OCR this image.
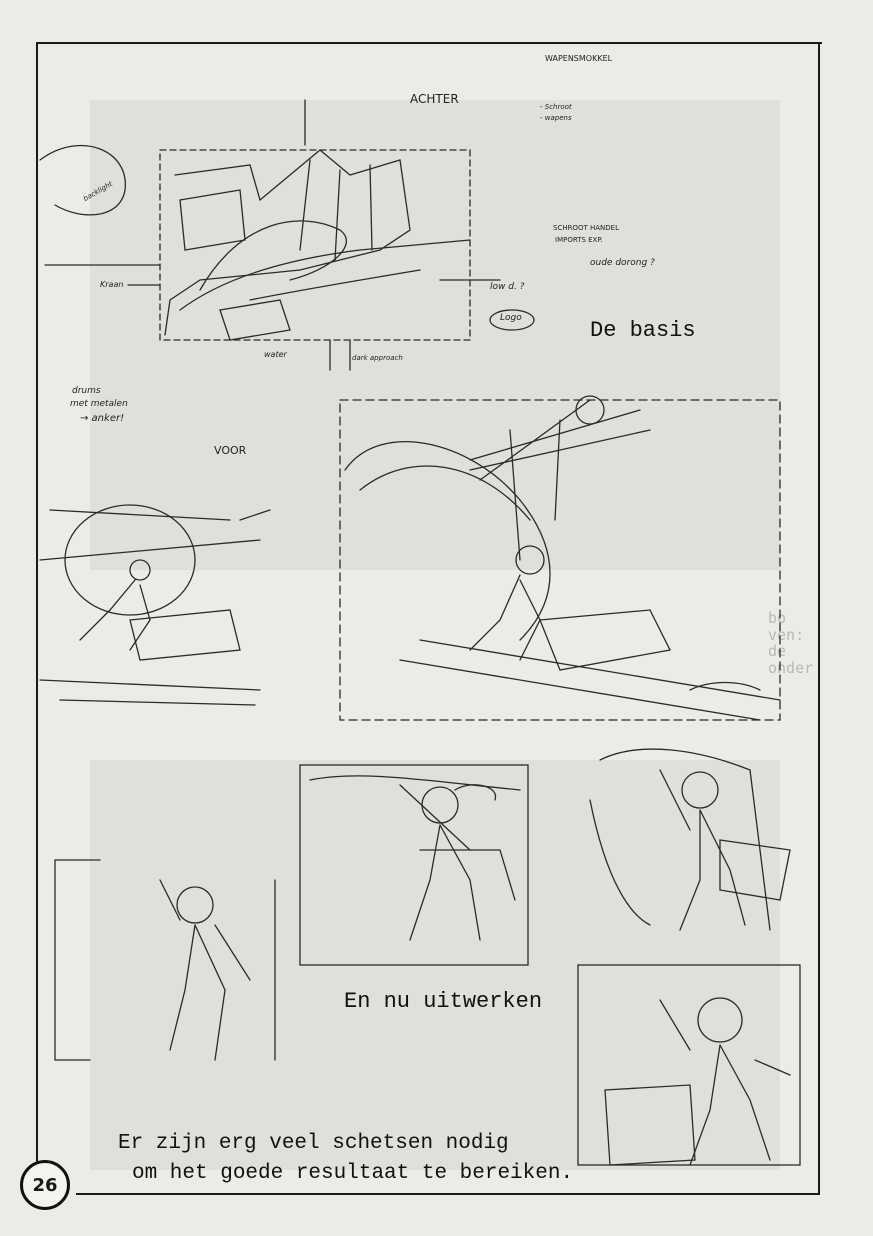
bo
ven:
de
onder
WAPENSMOKKEL
ACHTER
- Schroot
- wapens
SCHROOT HANDEL
IMPORTS EXP.
oude dorong ?
backlight
Kraan	low d. ?
Logo
water	dark approach
drums
met metalen
→ anker!
VOOR
De basis
En nu uitwerken
Er zijn erg veel schetsen nodig
om het goede resultaat te bereiken.
26
